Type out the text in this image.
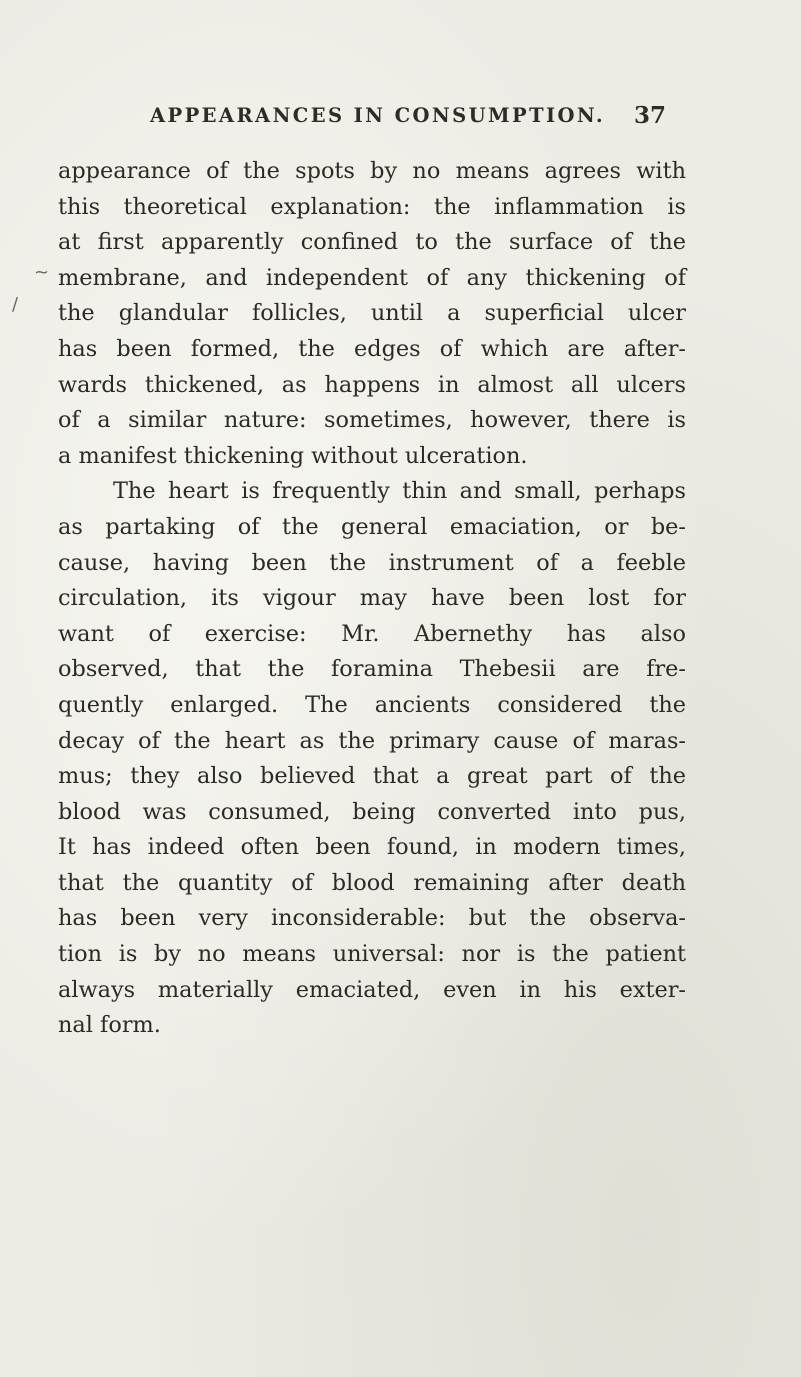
APPEARANCES IN CONSUMPTION.	37
~
/
appearance of the spots by no means agrees with
this theoretical explanation: the inflammation is
at first apparently confined to the surface of the
membrane, and independent of any thickening of
the glandular follicles, until a superficial ulcer
has been formed, the edges of which are after-
wards thickened, as happens in almost all ulcers
of a similar nature: sometimes, however, there is
a manifest thickening without ulceration.
The heart is frequently thin and small, perhaps
as partaking of the general emaciation, or be-
cause, having been the instrument of a feeble
circulation, its vigour may have been lost for
want of exercise: Mr. Abernethy has also
observed, that the foramina Thebesii are fre-
quently enlarged. The ancients considered the
decay of the heart as the primary cause of maras-
mus; they also believed that a great part of the
blood was consumed, being converted into pus,
It has indeed often been found, in modern times,
that the quantity of blood remaining after death
has been very inconsiderable: but the observa-
tion is by no means universal: nor is the patient
always materially emaciated, even in his exter-
nal form.
